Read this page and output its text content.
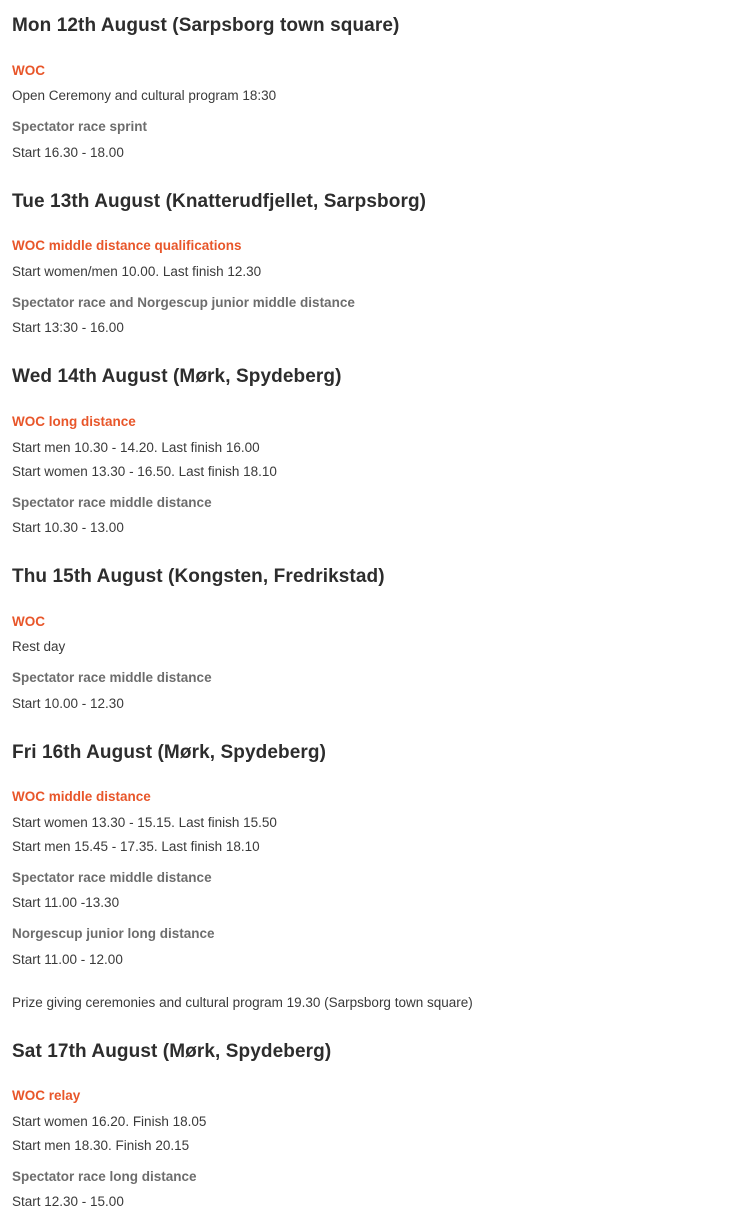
Mon 12th August (Sarpsborg town square)
WOC
Open Ceremony and cultural program 18:30
Spectator race sprint
Start 16.30 - 18.00
Tue 13th August (Knatterudfjellet, Sarpsborg)
WOC middle distance qualifications
Start women/men 10.00. Last finish 12.30
Spectator race and Norgescup junior middle distance
Start 13:30 - 16.00
Wed 14th August (Mørk, Spydeberg)
WOC long distance
Start men 10.30 - 14.20. Last finish 16.00
Start women 13.30 - 16.50. Last finish 18.10
Spectator race middle distance
Start 10.30 - 13.00
Thu 15th August (Kongsten, Fredrikstad)
WOC
Rest day
Spectator race middle distance
Start 10.00 - 12.30
Fri 16th August (Mørk, Spydeberg)
WOC middle distance
Start women 13.30 - 15.15. Last finish 15.50
Start men 15.45 - 17.35. Last finish 18.10
Spectator race middle distance
Start 11.00 -13.30
Norgescup junior long distance
Start 11.00 - 12.00
Prize giving ceremonies and cultural program 19.30 (Sarpsborg town square)
Sat 17th August (Mørk, Spydeberg)
WOC relay
Start women 16.20. Finish 18.05
Start men 18.30. Finish 20.15
Spectator race long distance
Start 12.30 - 15.00
